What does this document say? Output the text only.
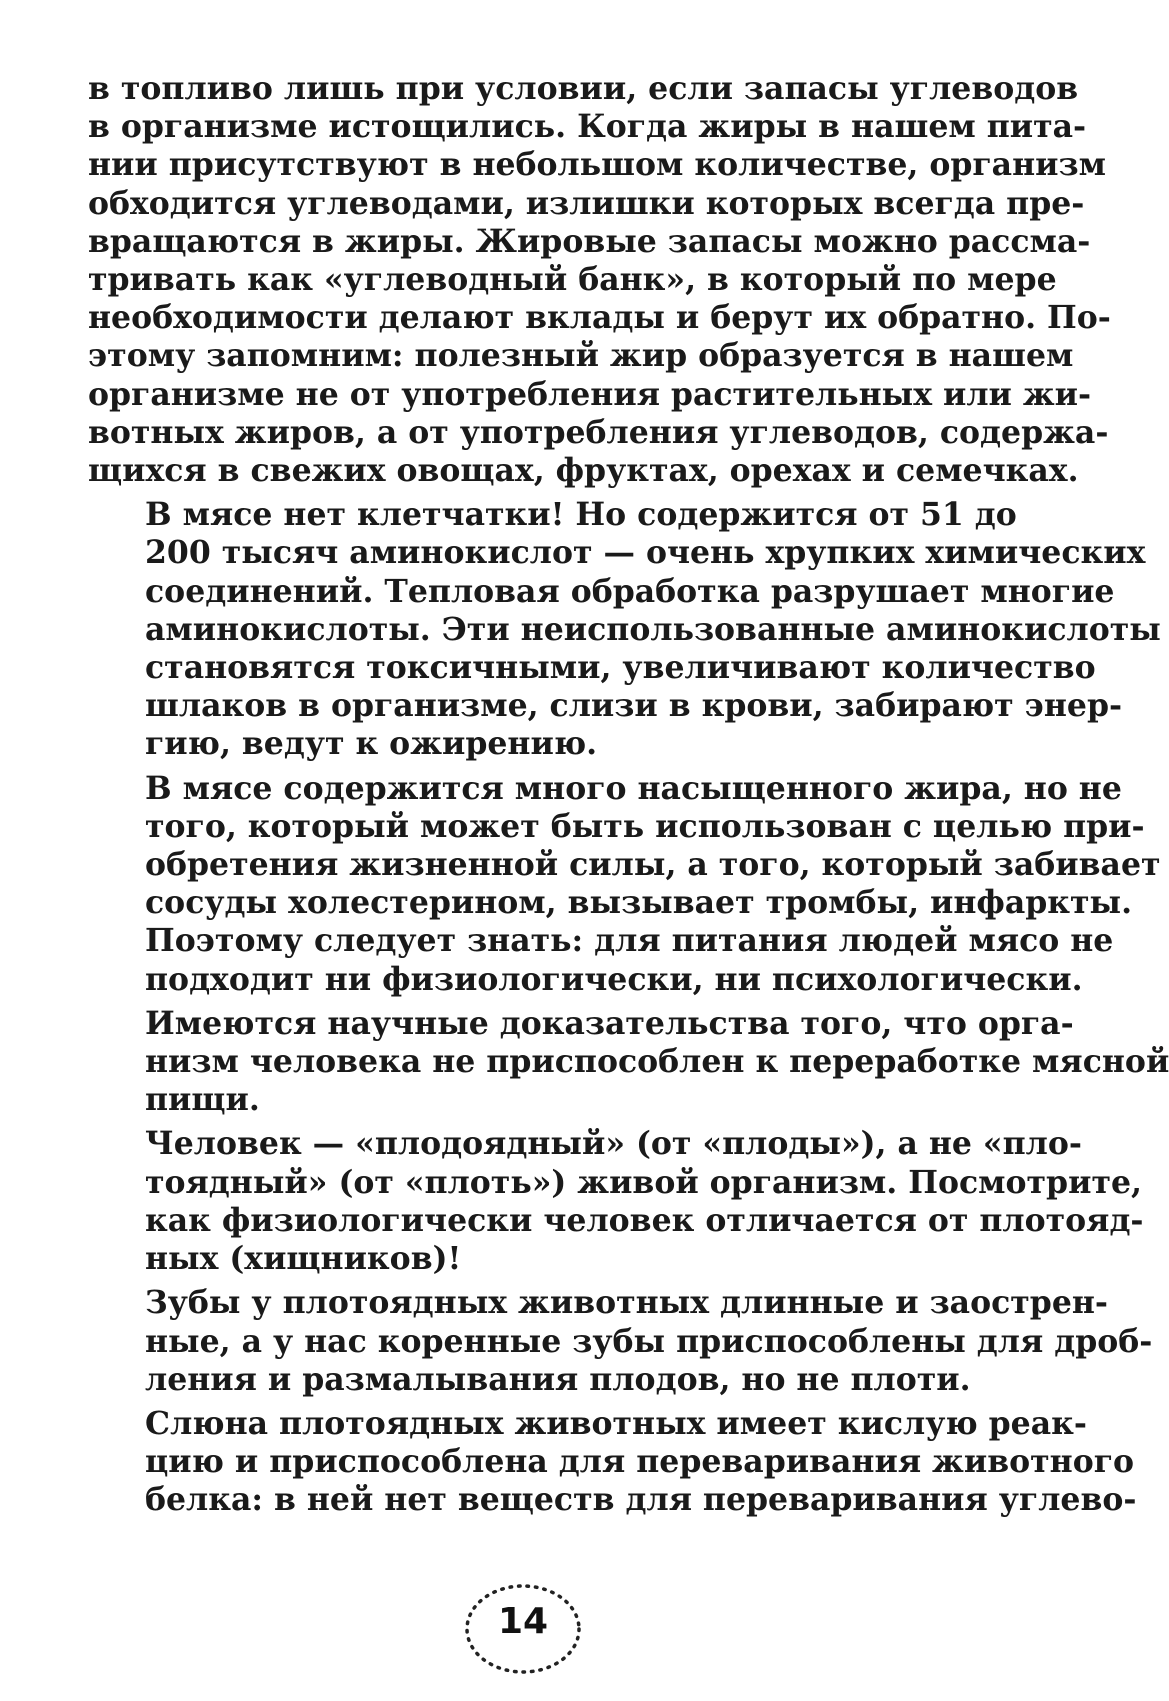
в топливо лишь при условии, если запасы углеводов
в организме истощились. Когда жиры в нашем пита-
нии присутствуют в небольшом количестве, организм
обходится углеводами, излишки которых всегда пре-
вращаются в жиры. Жировые запасы можно рассма-
тривать как «углеводный банк», в который по мере
необходимости делают вклады и берут их обратно. По-
этому запомним: полезный жир образуется в нашем
организме не от употребления растительных или жи-
вотных жиров, а от употребления углеводов, содержа-
щихся в свежих овощах, фруктах, орехах и семечках.
В мясе нет клетчатки! Но содержится от 51 до
200 тысяч аминокислот — очень хрупких химических
соединений. Тепловая обработка разрушает многие
аминокислоты. Эти неиспользованные аминокислоты
становятся токсичными, увеличивают количество
шлаков в организме, слизи в крови, забирают энер-
гию, ведут к ожирению.
В мясе содержится много насыщенного жира, но не
того, который может быть использован с целью при-
обретения жизненной силы, а того, который забивает
сосуды холестерином, вызывает тромбы, инфаркты.
Поэтому следует знать: для питания людей мясо не
подходит ни физиологически, ни психологически.
Имеются научные доказательства того, что орга-
низм человека не приспособлен к переработке мясной
пищи.
Человек — «плодоядный» (от «плоды»), а не «пло-
тоядный» (от «плоть») живой организм. Посмотрите,
как физиологически человек отличается от плотояд-
ных (хищников)!
Зубы у плотоядных животных длинные и заострен-
ные, а у нас коренные зубы приспособлены для дроб-
ления и размалывания плодов, но не плоти.
Слюна плотоядных животных имеет кислую реак-
цию и приспособлена для переваривания животного
белка: в ней нет веществ для переваривания углево-
14
